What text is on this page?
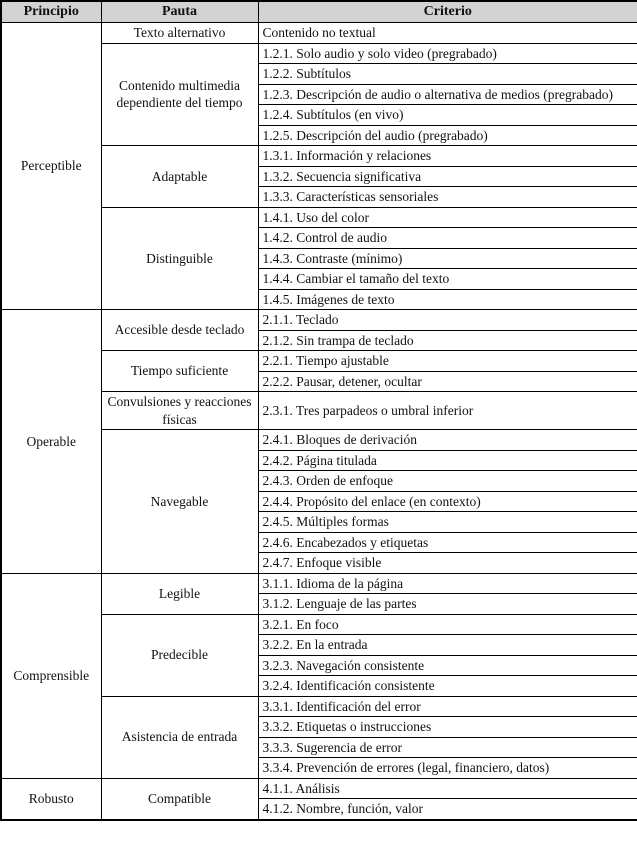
Principio	Pauta	Criterio
Perceptible	Texto alternativo	Contenido no textual
	Contenido multimedia dependiente del tiempo	1.2.1. Solo audio y solo video (pregrabado)
		1.2.2. Subtítulos
		1.2.3. Descripción de audio o alternativa de medios (pregrabado)
		1.2.4. Subtítulos (en vivo)
		1.2.5. Descripción del audio (pregrabado)
	Adaptable	1.3.1. Información y relaciones
		1.3.2. Secuencia significativa
		1.3.3. Características sensoriales
	Distinguible	1.4.1. Uso del color
		1.4.2. Control de audio
		1.4.3. Contraste (mínimo)
		1.4.4. Cambiar el tamaño del texto
		1.4.5. Imágenes de texto
Operable	Accesible desde teclado	2.1.1. Teclado
		2.1.2. Sin trampa de teclado
	Tiempo suficiente	2.2.1. Tiempo ajustable
		2.2.2. Pausar, detener, ocultar
	Convulsiones y reacciones físicas	2.3.1. Tres parpadeos o umbral inferior
	Navegable	2.4.1. Bloques de derivación
		2.4.2. Página titulada
		2.4.3. Orden de enfoque
		2.4.4. Propósito del enlace (en contexto)
		2.4.5. Múltiples formas
		2.4.6. Encabezados y etiquetas
		2.4.7. Enfoque visible
Comprensible	Legible	3.1.1. Idioma de la página
		3.1.2. Lenguaje de las partes
	Predecible	3.2.1. En foco
		3.2.2. En la entrada
		3.2.3. Navegación consistente
		3.2.4. Identificación consistente
	Asistencia de entrada	3.3.1. Identificación del error
		3.3.2. Etiquetas o instrucciones
		3.3.3. Sugerencia de error
		3.3.4. Prevención de errores (legal, financiero, datos)
Robusto	Compatible	4.1.1. Análisis
		4.1.2. Nombre, función, valor
